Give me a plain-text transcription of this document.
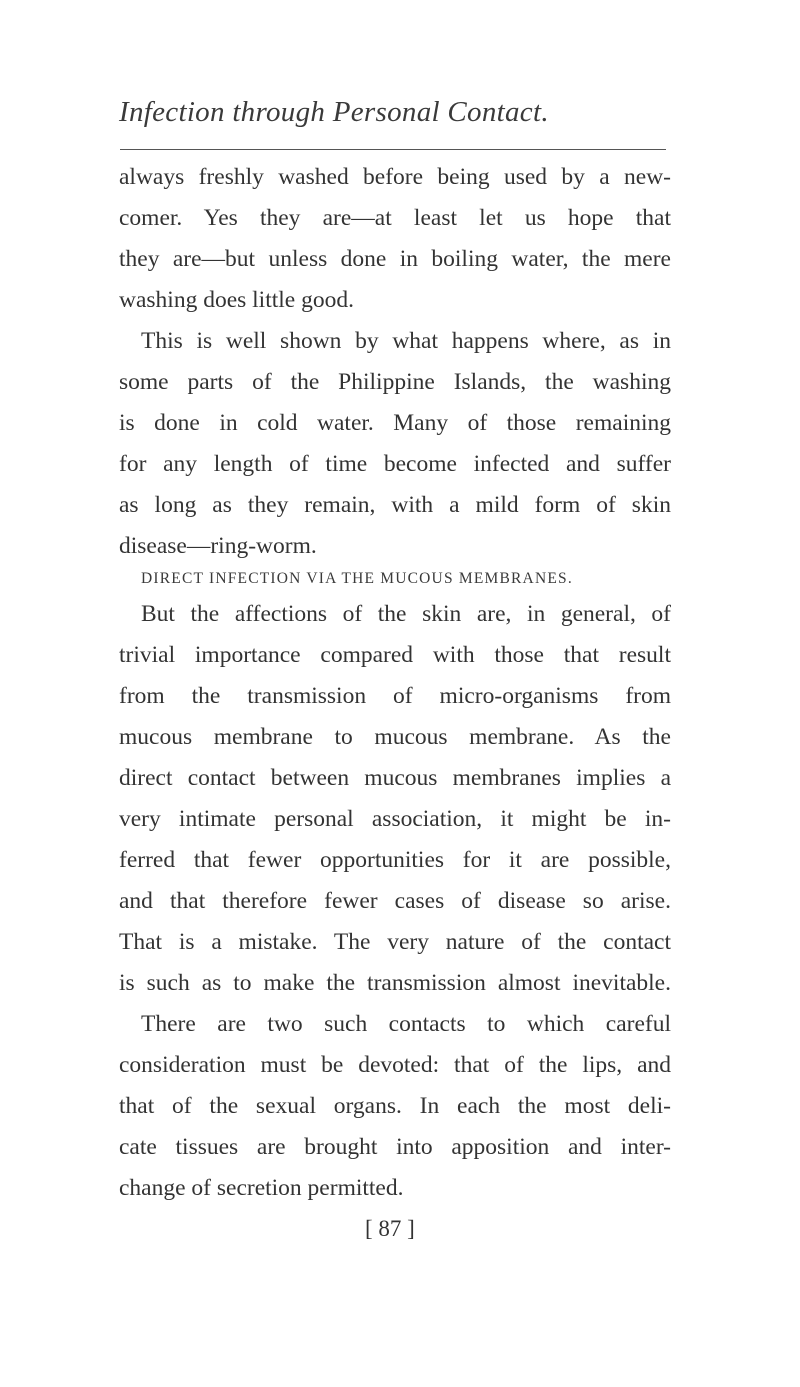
Infection through Personal Contact.
always freshly washed before being used by a new-
comer. Yes they are—at least let us hope that
they are—but unless done in boiling water, the mere
washing does little good.
This is well shown by what happens where, as in
some parts of the Philippine Islands, the washing
is done in cold water. Many of those remaining
for any length of time become infected and suffer
as long as they remain, with a mild form of skin
disease—ring-worm.
DIRECT INFECTION VIA THE MUCOUS MEMBRANES.
But the affections of the skin are, in general, of
trivial importance compared with those that result
from the transmission of micro-organisms from
mucous membrane to mucous membrane. As the
direct contact between mucous membranes implies a
very intimate personal association, it might be in-
ferred that fewer opportunities for it are possible,
and that therefore fewer cases of disease so arise.
That is a mistake. The very nature of the contact
is such as to make the transmission almost inevitable.
There are two such contacts to which careful
consideration must be devoted: that of the lips, and
that of the sexual organs. In each the most deli-
cate tissues are brought into apposition and inter-
change of secretion permitted.
[ 87 ]
